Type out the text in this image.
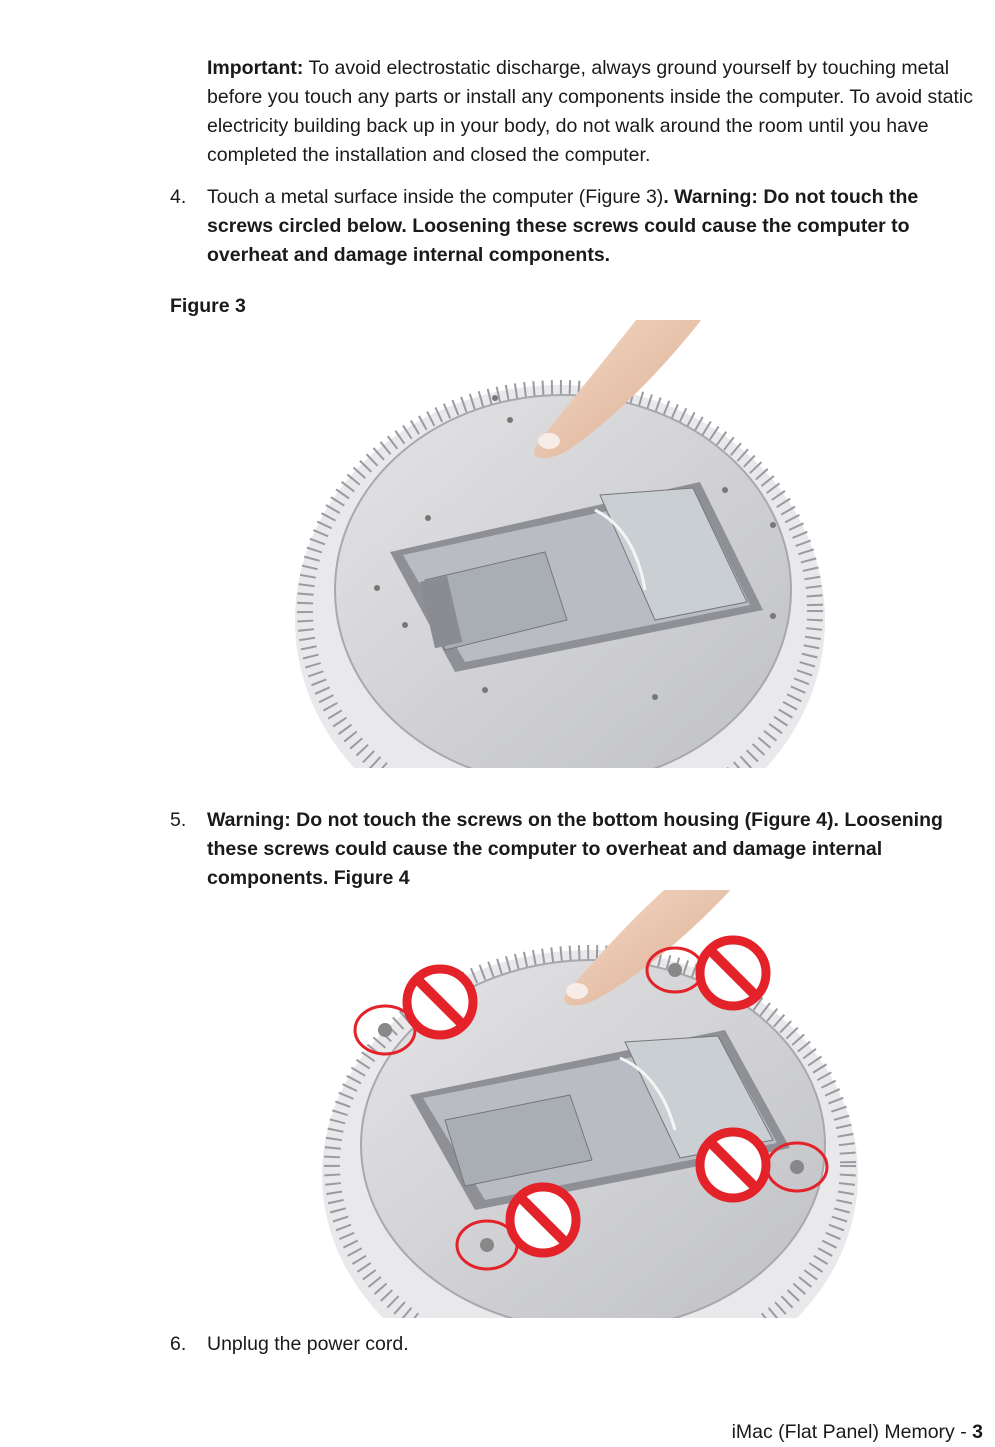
Important: To avoid electrostatic discharge, always ground yourself by touching metal before you touch any parts or install any components inside the computer. To avoid static electricity building back up in your body, do not walk around the room until you have completed the installation and closed the computer.
4.	Touch a metal surface inside the computer (Figure 3). Warning: Do not touch the screws circled below. Loosening these screws could cause the computer to overheat and damage internal components.
Figure 3
5.	Warning: Do not touch the screws on the bottom housing (Figure 4). Loosening these screws could cause the computer to overheat and damage internal components. Figure 4
6.	Unplug the power cord.
iMac (Flat Panel) Memory - 3
